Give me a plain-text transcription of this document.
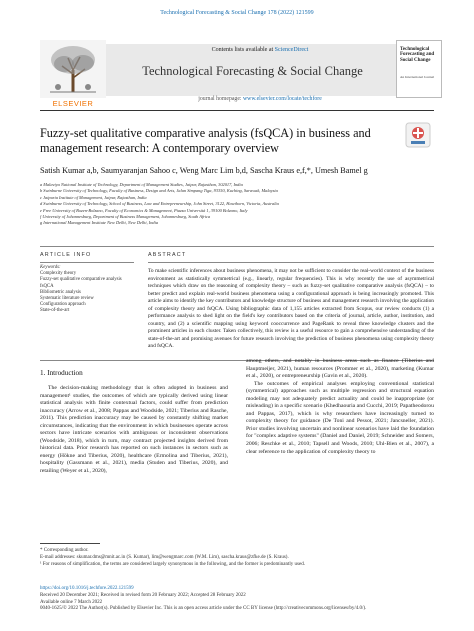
Technological Forecasting & Social Change 178 (2022) 121599
ELSEVIER
Contents lists available at ScienceDirect
Technological Forecasting & Social Change
journal homepage: www.elsevier.com/locate/techfore
Technological Forecasting and Social Change
An International Journal
Fuzzy-set qualitative comparative analysis (fsQCA) in business and management research: A contemporary overview
Satish Kumar a,b, Saumyaranjan Sahoo c, Weng Marc Lim b,d, Sascha Kraus e,f,*, Umesh Bamel g
a Malaviya National Institute of Technology, Department of Management Studies, Jaipur, Rajasthan, 302017, India
b Swinburne University of Technology, Faculty of Business, Design and Arts, Jalan Simpang Tiga, 93350, Kuching, Sarawak, Malaysia
c Jaipuria Institute of Management, Jaipur, Rajasthan, India
d Swinburne University of Technology, School of Business, Law and Entrepreneurship, John Street, 3122, Hawthorn, Victoria, Australia
e Free University of Bozen-Bolzano, Faculty of Economics & Management, Piazza Università 1, 39100 Bolzano, Italy
f University of Johannesburg, Department of Business Management, Johannesburg, South Africa
g International Management Institute New Delhi, New Delhi, India
ARTICLE INFO	ABSTRACT
Keywords:
Complexity theory
Fuzzy-set qualitative comparative analysis
fsQCA
Bibliometric analysis
Systematic literature review
Configuration approach
State-of-the-art
To make scientific inferences about business phenomena, it may not be sufficient to consider the real-world context of the business environment as statistically symmetrical (e.g., linearly, regular frequencies). This is why recently the use of asymmetrical techniques which draw on the reasoning of complexity theory – such as fuzzy-set qualitative comparative analysis (fsQCA) – to better predict and explain real-world business phenomena using a configurational approach is being increasingly promoted. This article aims to identify the key contributors and knowledge structure of business and management research involving the application of complexity theory and fsQCA. Using bibliographic data of 1,155 articles extracted from Scopus, our review conducts (1) a performance analysis to shed light on the field's key contributors based on the criteria of journal, article, author, institution, and country, and (2) a scientific mapping using keyword cooccurrence and PageRank to reveal three knowledge clusters and the prominent articles in each cluster. Taken collectively, this review is a useful resource to gain a comprehensive understanding of the state-of-the-art and promising avenues for future research involving the prediction of business phenomena using complexity theory and fsQCA.
1. Introduction

The decision-making methodology that is often adopted in business and management¹ studies, the outcomes of which are typically derived using linear statistical analysis with finite contextual factors, could suffer from prediction inaccuracy (Arrow et al., 2008; Pappas and Woodside, 2021; Tiberius and Rasche, 2011). This prediction inaccuracy may be caused by constantly shifting market circumstances, indicating that the environment in which businesses operate across sectors have intricate scenarios with ambiguous or inconsistent observations (Woodside, 2018), which in turn, may contract projected insights derived from historical data. Prior research has reported on such instances in sectors such as energy (Hökne and Tiberius, 2020), healthcare (Ermolina and Tiberius, 2021), hospitality (Gassmann et al., 2021), media (Studen and Tiberius, 2020), and retailing (Weyer et al., 2020),

among others, and notably in business areas such as finance (Tiberius and Hauptmeijer, 2021), human resources (Prommer et al., 2020), marketing (Kumar et al., 2020), or entrepreneurship (Gavin et al., 2020).

The outcomes of empirical analyses employing conventional statistical (symmetrical) approaches such as multiple regression and structural equation modeling may not adequately predict actuality and could be inappropriate (or misleading) in a specific scenario (Khedhaouria and Cucchi, 2019; Papatheodorou and Pappas, 2017), which is why researchers have increasingly turned to complexity theory for guidance (De Toni and Pessot, 2021; Jancsneller, 2021). Prior studies involving uncertain and nonlinear scenarios have laid the foundation for "complex adaptive systems" (Daniel and Daniel, 2019; Schneider and Somers, 2006; Reschke et al., 2010; Tapsell and Woods, 2010; Uhl-Bien et al., 2007), a clear reference to the application of complexity theory to

* Corresponding author.
E-mail addresses: skumar.dms@mnit.ac.in (S. Kumar), lim@wengmarc.com (W.M. Lim), sascha.kraus@zfke.de (S. Kraus).
¹ For reasons of simplification, the terms are considered largely synonymous in the following, and the former is predominantly used.
https://doi.org/10.1016/j.techfore.2022.121599
Received 20 December 2021; Received in revised form 20 February 2022; Accepted 28 February 2022
Available online 7 March 2022
0040-1625/© 2022 The Author(s). Published by Elsevier Inc. This is an open access article under the CC BY license (http://creativecommons.org/licenses/by/4.0/).
